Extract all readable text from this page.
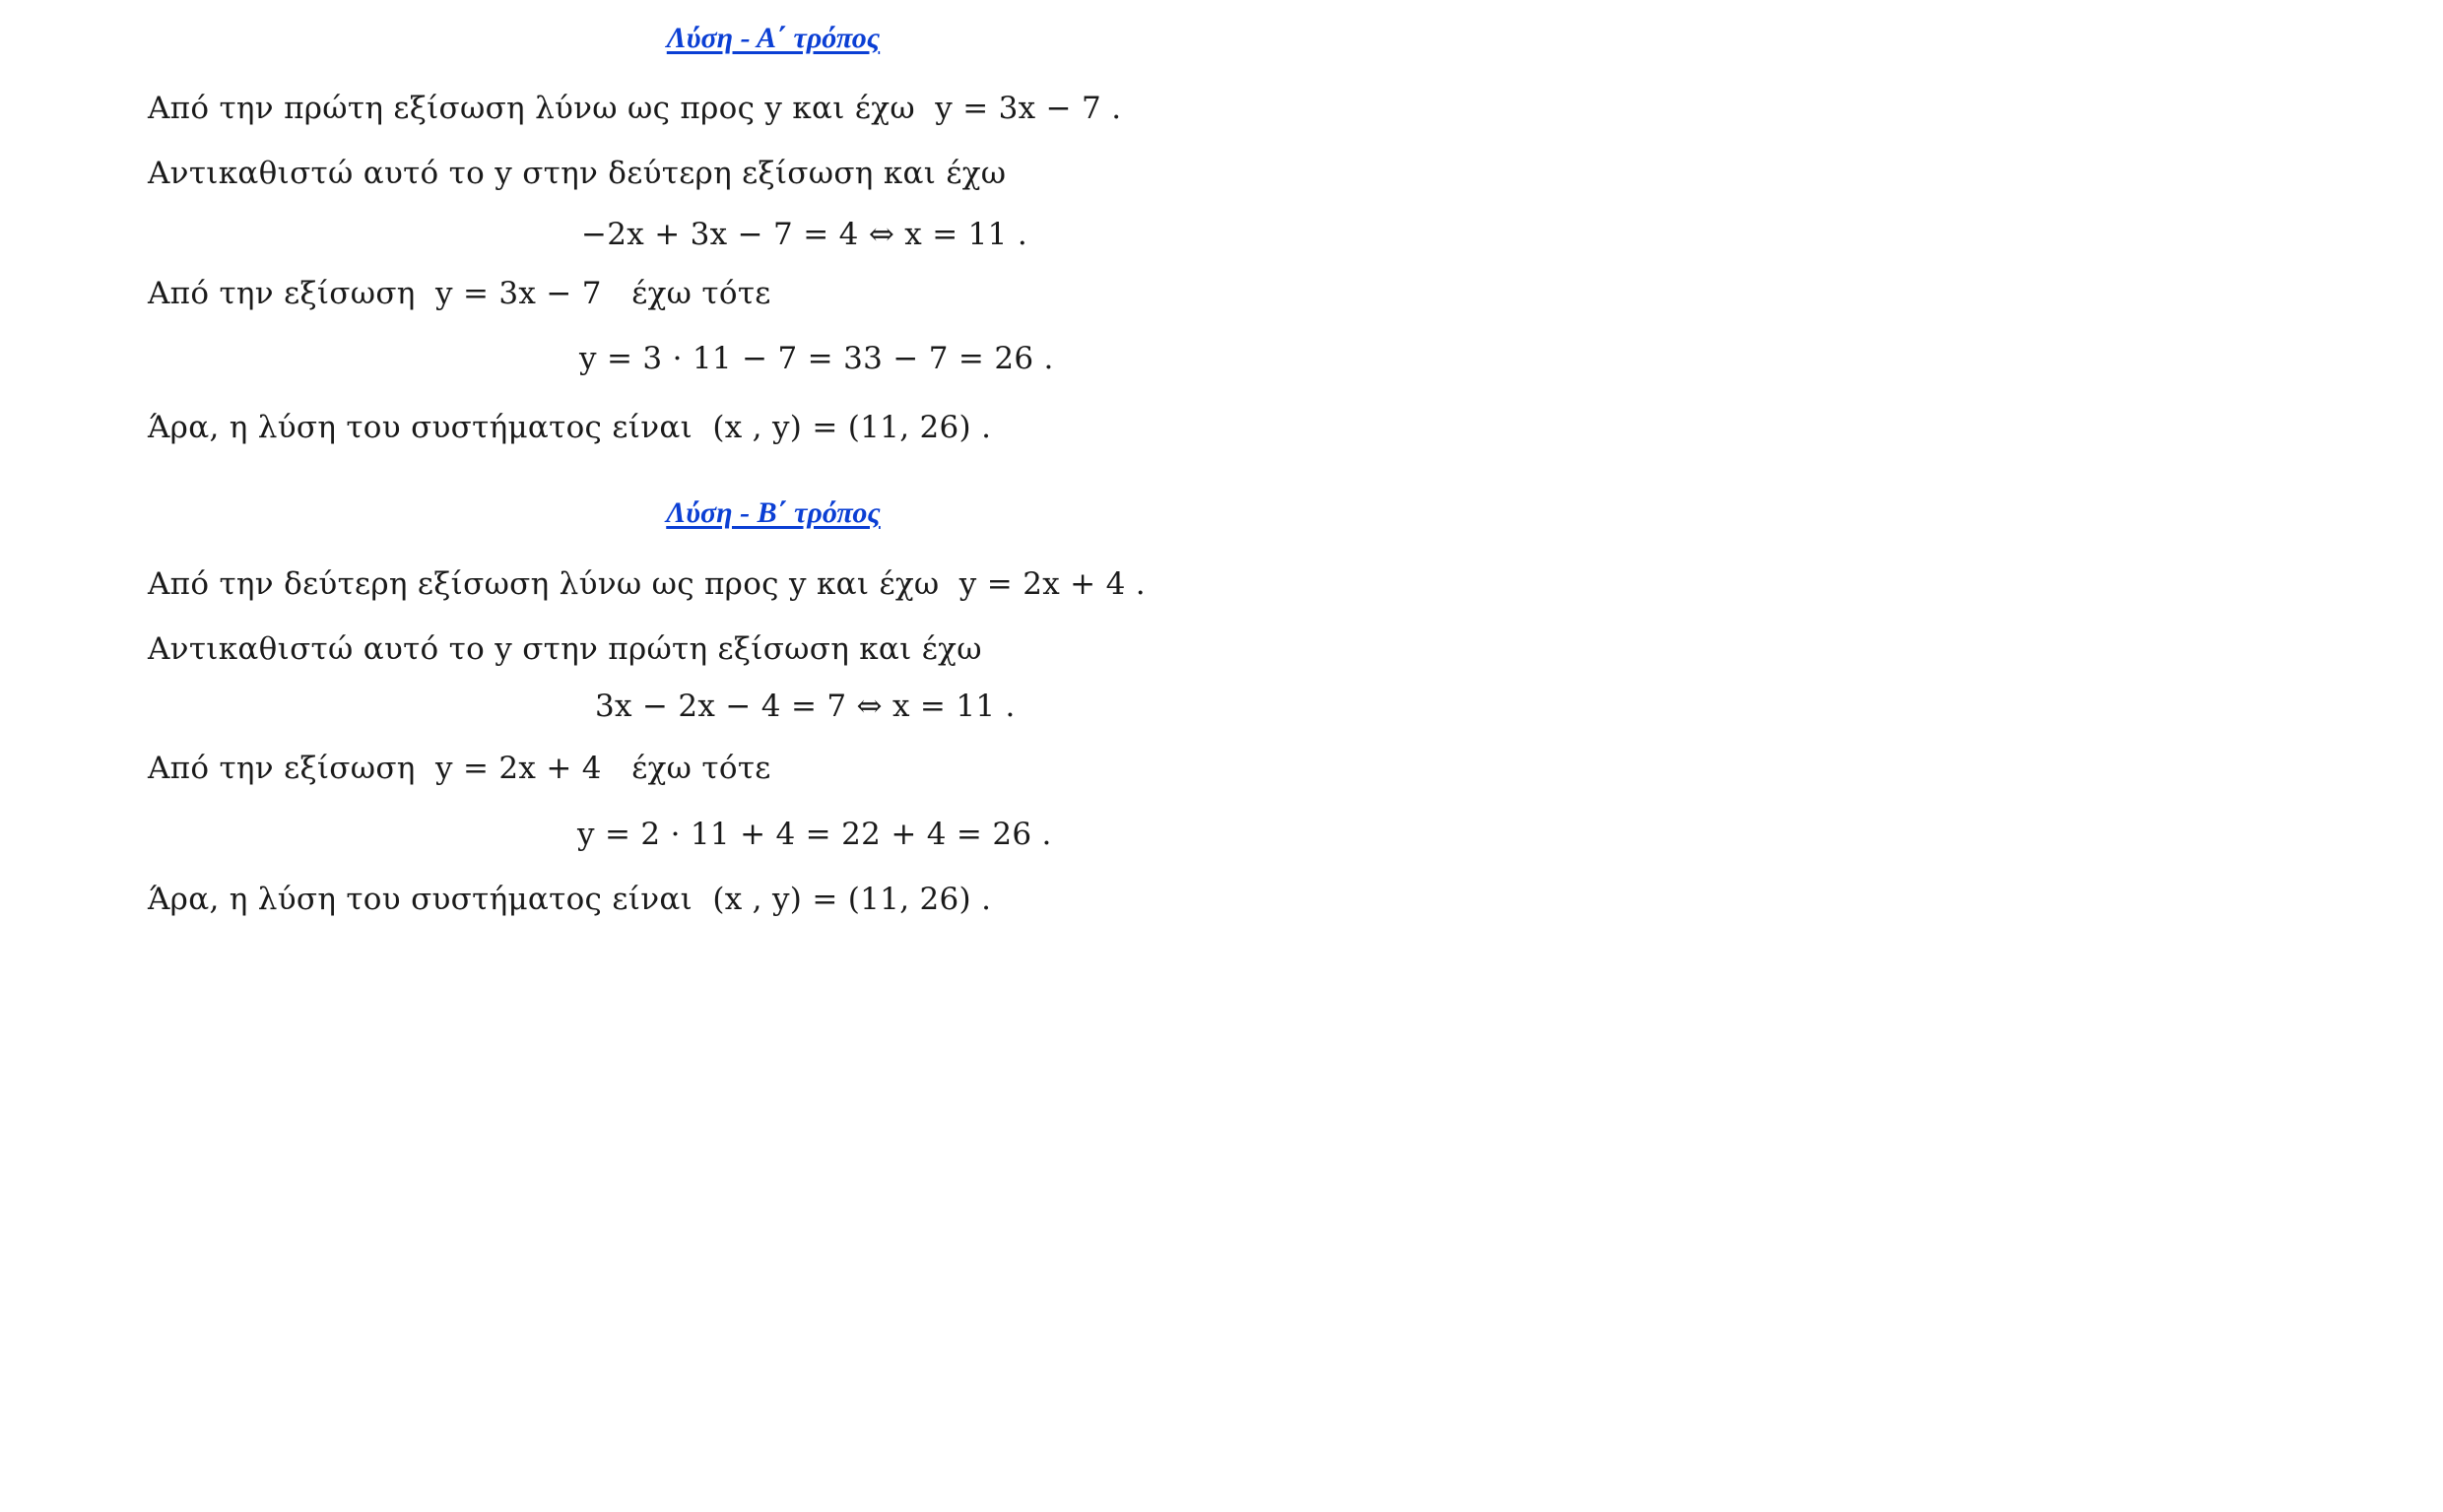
Λύση - Α΄ τρόπος
Από την πρώτη εξίσωση λύνω ως προς y και έχω  y = 3x − 7 .
Αντικαθιστώ αυτό το y στην δεύτερη εξίσωση και έχω
−2x + 3x − 7 = 4 ⇔ x = 11 .
Από την εξίσωση  y = 3x − 7   έχω τότε
y = 3 · 11 − 7 = 33 − 7 = 26 .
Άρα, η λύση του συστήματος είναι  (x , y) = (11, 26) .
Λύση - Β΄ τρόπος
Από την δεύτερη εξίσωση λύνω ως προς y και έχω  y = 2x + 4 .
Αντικαθιστώ αυτό το y στην πρώτη εξίσωση και έχω
3x − 2x − 4 = 7 ⇔ x = 11 .
Από την εξίσωση  y = 2x + 4   έχω τότε
y = 2 · 11 + 4 = 22 + 4 = 26 .
Άρα, η λύση του συστήματος είναι  (x , y) = (11, 26) .
